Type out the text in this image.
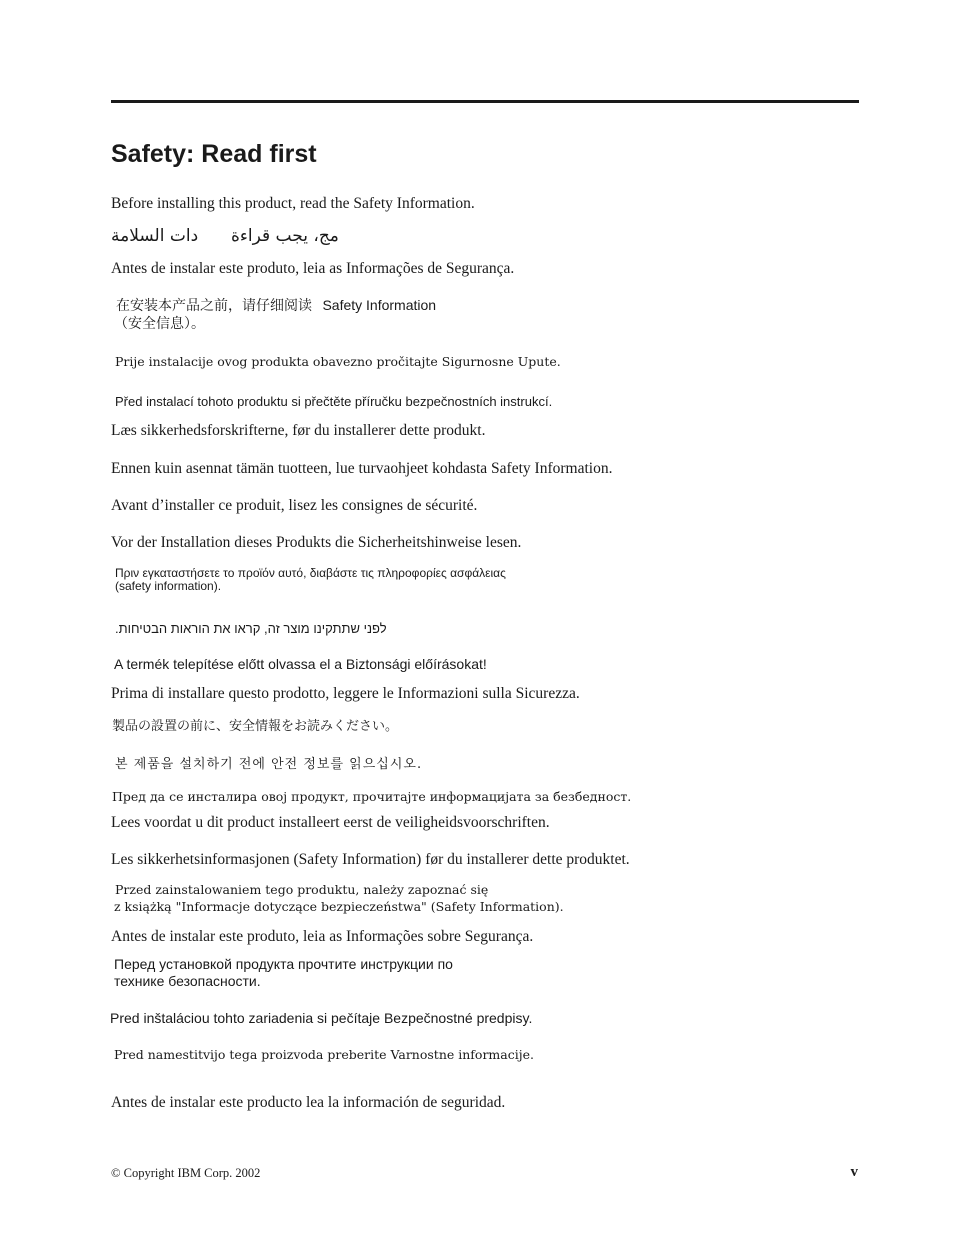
Safety: Read first
Before installing this product, read the Safety Information.
دات السلامة مج، يجب قراءة
Antes de instalar este produto, leia as Informações de Segurança.
在安装本产品之前，请仔细阅读 Safety Information
（安全信息）。
Prije instalacije ovog produkta obavezno pročitajte Sigurnosne Upute.
Před instalací tohoto produktu si přečtěte příručku bezpečnostních instrukcí.
Læs sikkerhedsforskrifterne, før du installerer dette produkt.
Ennen kuin asennat tämän tuotteen, lue turvaohjeet kohdasta Safety Information.
Avant d’installer ce produit, lisez les consignes de sécurité.
Vor der Installation dieses Produkts die Sicherheitshinweise lesen.
Πριν εγκαταστήσετε το προϊόν αυτό, διαβάστε τις πληροφορίες ασφάλειας
(safety information).
לפני שתתקינו מוצר זה, קראו את הוראות הבטיחות.
A termék telepítése előtt olvassa el a Biztonsági előírásokat!
Prima di installare questo prodotto, leggere le Informazioni sulla Sicurezza.
製品の設置の前に、安全情報をお読みください。
본 제품을 설치하기 전에 안전 정보를 읽으십시오.
Пред да се инсталира овој продукт, прочитајте информацијата за безбедност.
Lees voordat u dit product installeert eerst de veiligheidsvoorschriften.
Les sikkerhetsinformasjonen (Safety Information) før du installerer dette produktet.
Przed zainstalowaniem tego produktu, należy zapoznać się
z książką "Informacje dotyczące bezpieczeństwa" (Safety Information).
Antes de instalar este produto, leia as Informações sobre Segurança.
Перед установкой продукта прочтите инструкции по
технике безопасности.
Pred inštaláciou tohto zariadenia si pečítaje Bezpečnostné predpisy.
Pred namestitvijo tega proizvoda preberite Varnostne informacije.
Antes de instalar este producto lea la información de seguridad.
© Copyright IBM Corp. 2002	v
